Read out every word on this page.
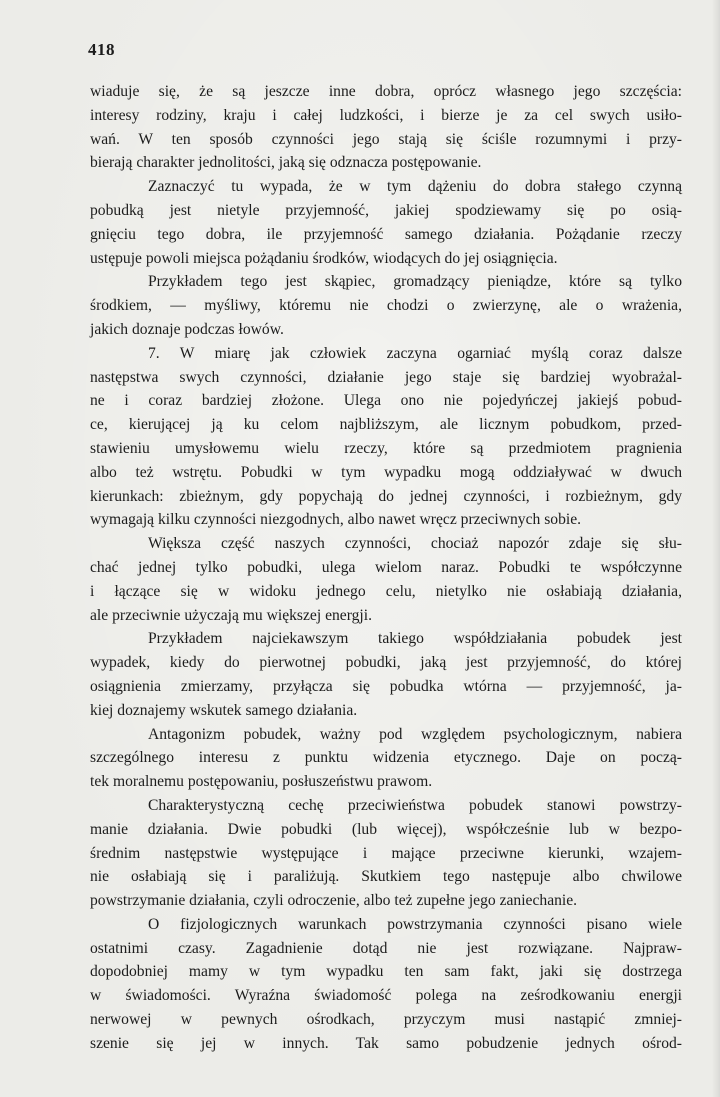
418
wiaduje się, że są jeszcze inne dobra, oprócz własnego jego szczęścia:
interesy rodziny, kraju i całej ludzkości, i bierze je za cel swych usiło-
wań. W ten sposób czynności jego stają się ściśle rozumnymi i przy-
bierają charakter jednolitości, jaką się odznacza postępowanie.
Zaznaczyć tu wypada, że w tym dążeniu do dobra stałego czynną
pobudką jest nietyle przyjemność, jakiej spodziewamy się po osią-
gnięciu tego dobra, ile przyjemność samego działania. Pożądanie rzeczy
ustępuje powoli miejsca pożądaniu środków, wiodących do jej osiągnięcia.
Przykładem tego jest skąpiec, gromadzący pieniądze, które są tylko
środkiem, — myśliwy, któremu nie chodzi o zwierzynę, ale o wrażenia,
jakich doznaje podczas łowów.
7. W miarę jak człowiek zaczyna ogarniać myślą coraz dalsze
następstwa swych czynności, działanie jego staje się bardziej wyobrażal-
ne i coraz bardziej złożone. Ulega ono nie pojedyńczej jakiejś pobud-
ce, kierującej ją ku celom najbliższym, ale licznym pobudkom, przed-
stawieniu umysłowemu wielu rzeczy, które są przedmiotem pragnienia
albo też wstrętu. Pobudki w tym wypadku mogą oddziaływać w dwuch
kierunkach: zbieżnym, gdy popychają do jednej czynności, i rozbieżnym, gdy
wymagają kilku czynności niezgodnych, albo nawet wręcz przeciwnych sobie.
Większa część naszych czynności, chociaż napozór zdaje się słu-
chać jednej tylko pobudki, ulega wielom naraz. Pobudki te współczynne
i łączące się w widoku jednego celu, nietylko nie osłabiają działania,
ale przeciwnie użyczają mu większej energji.
Przykładem najciekawszym takiego współdziałania pobudek jest
wypadek, kiedy do pierwotnej pobudki, jaką jest przyjemność, do której
osiągnienia zmierzamy, przyłącza się pobudka wtórna — przyjemność, ja-
kiej doznajemy wskutek samego działania.
Antagonizm pobudek, ważny pod względem psychologicznym, nabiera
szczególnego interesu z punktu widzenia etycznego. Daje on począ-
tek moralnemu postępowaniu, posłuszeństwu prawom.
Charakterystyczną cechę przeciwieństwa pobudek stanowi powstrzy-
manie działania. Dwie pobudki (lub więcej), współcześnie lub w bezpo-
średnim następstwie występujące i mające przeciwne kierunki, wzajem-
nie osłabiają się i paraliżują. Skutkiem tego następuje albo chwilowe
powstrzymanie działania, czyli odroczenie, albo też zupełne jego zaniechanie.
O fizjologicznych warunkach powstrzymania czynności pisano wiele
ostatnimi czasy. Zagadnienie dotąd nie jest rozwiązane. Najpraw-
dopodobniej mamy w tym wypadku ten sam fakt, jaki się dostrzega
w świadomości. Wyraźna świadomość polega na ześrodkowaniu energji
nerwowej w pewnych ośrodkach, przyczym musi nastąpić zmniej-
szenie się jej w innych. Tak samo pobudzenie jednych ośrod-
